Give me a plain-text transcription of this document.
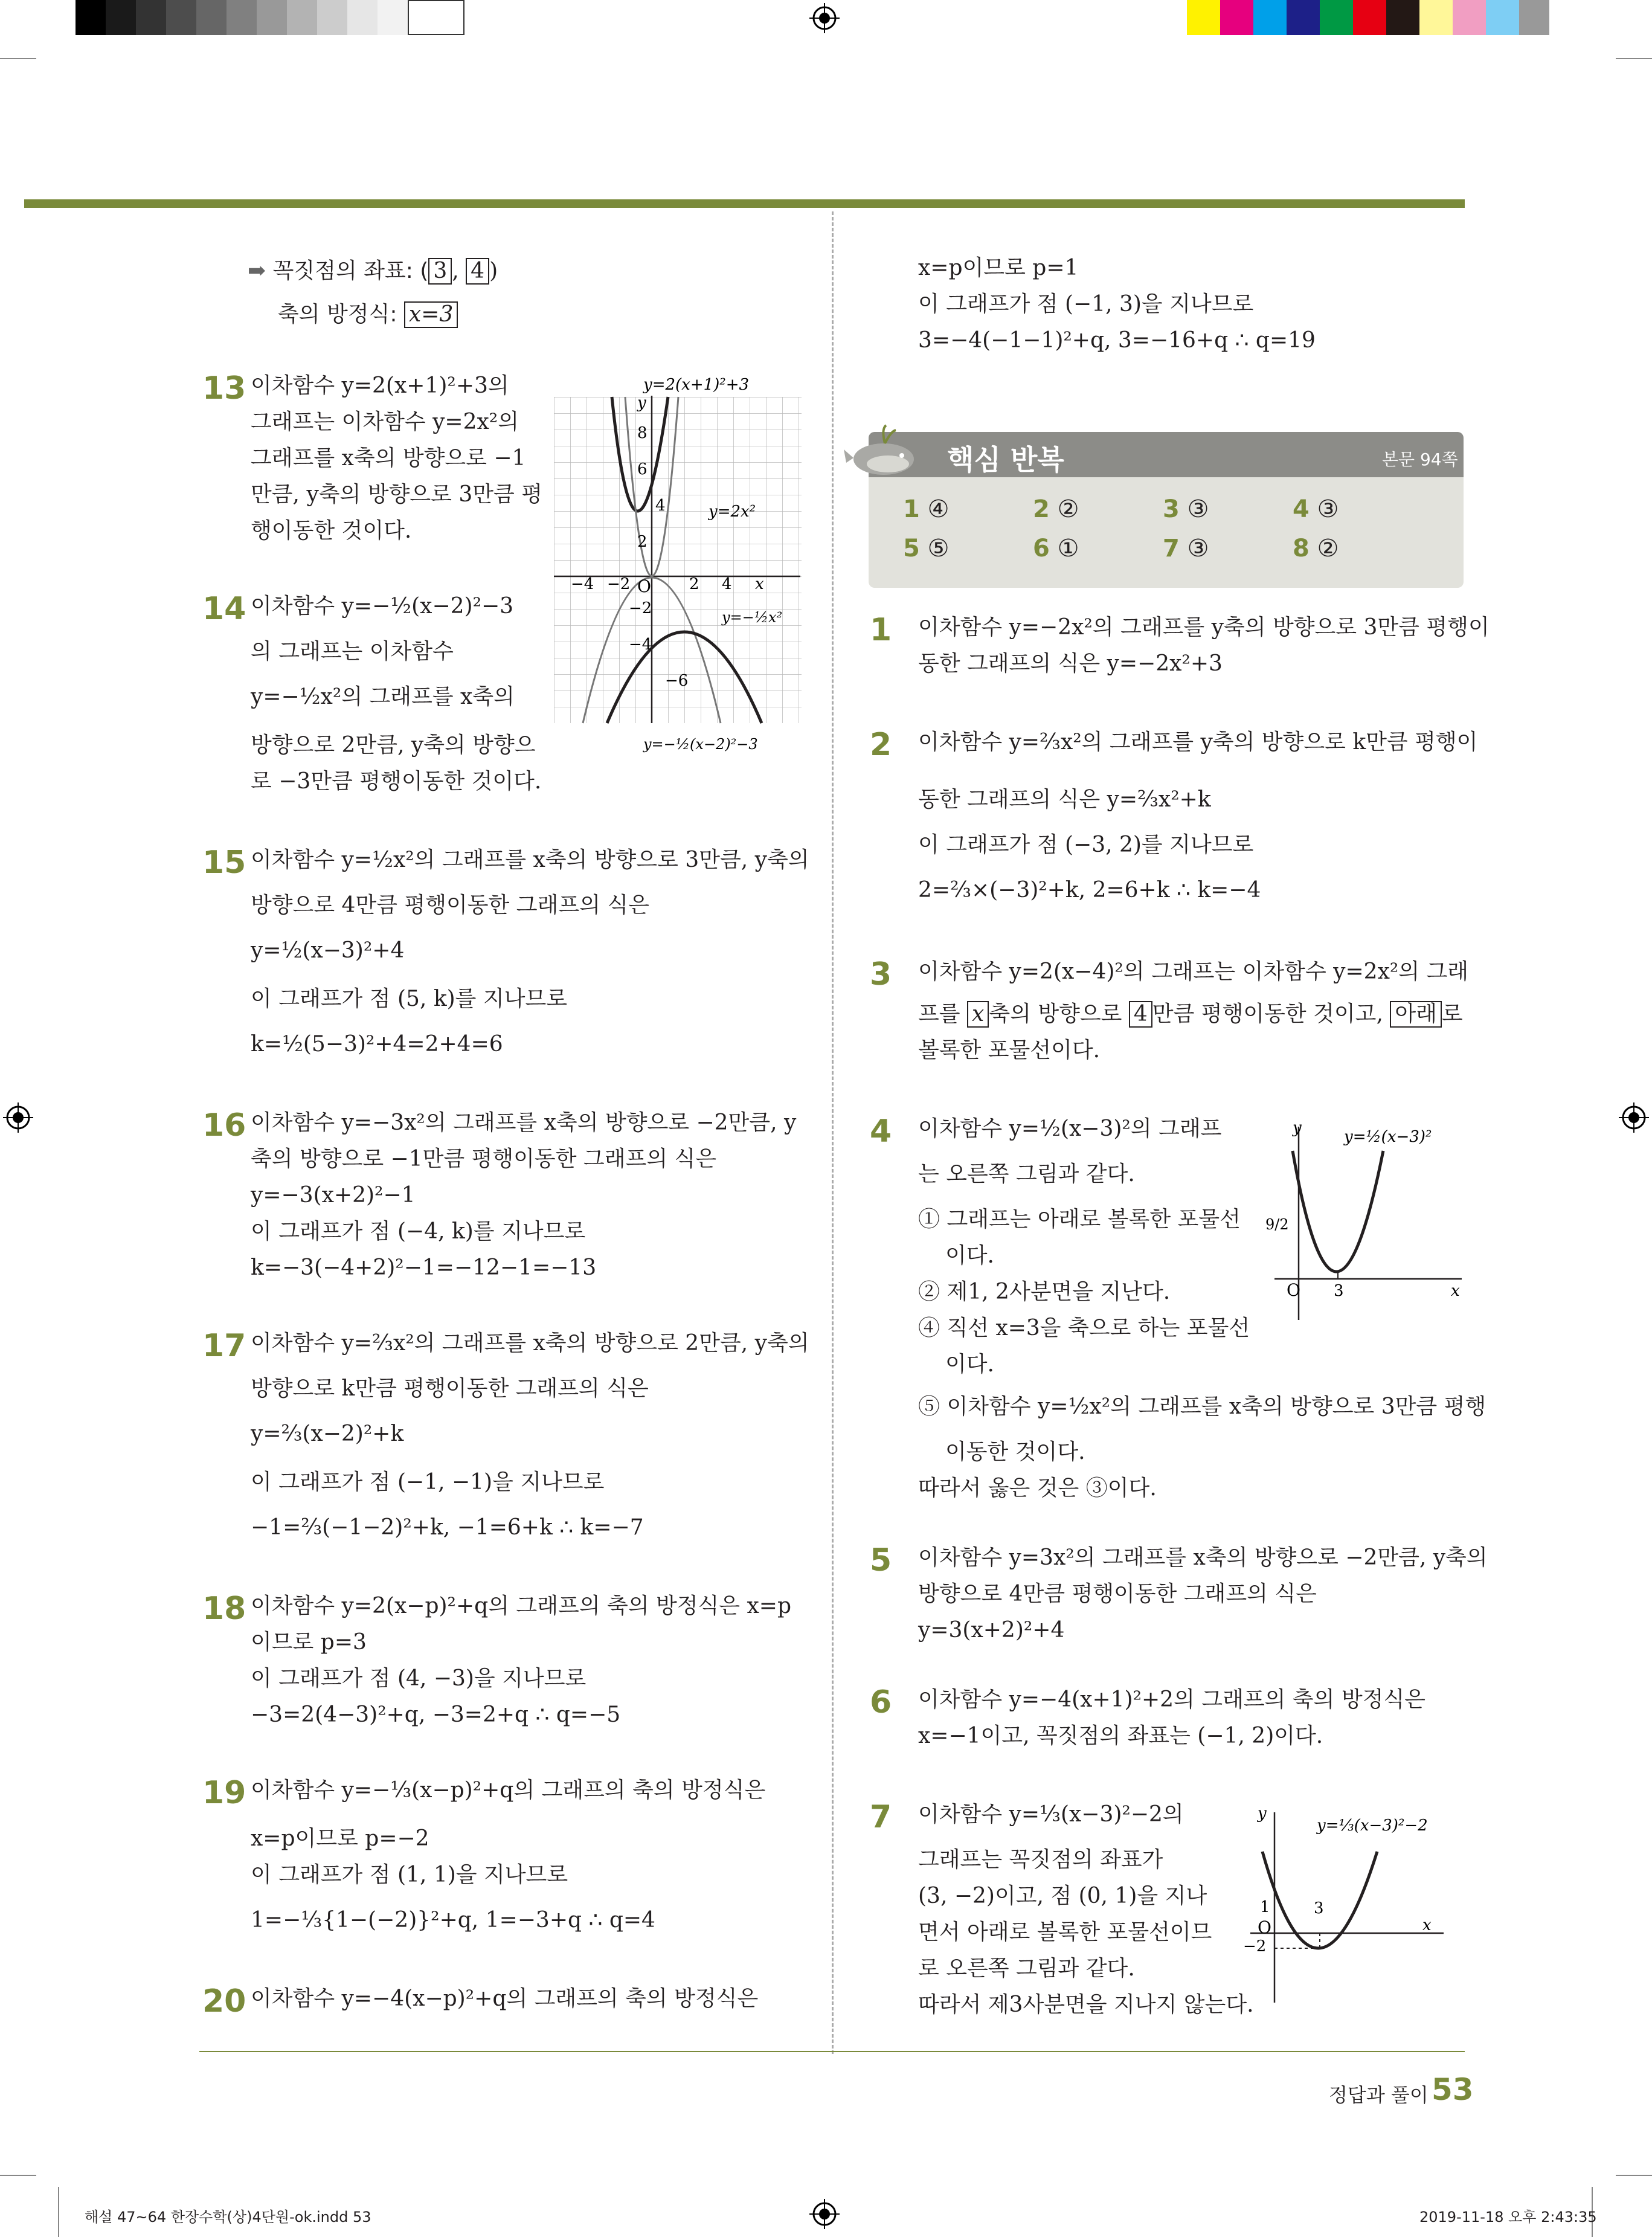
➡ 꼭짓점의 좌표: ( 3 , 4 )
축의 방정식: x=3
13 이차함수 y=2(x+1)²+3의
그래프는 이차함수 y=2x²의
그래프를 x축의 방향으로 −1
만큼, y축의 방향으로 3만큼 평
행이동한 것이다.
y=2(x+1)²+3
y=2x²
y=−½x²
y=−½(x−2)²−3
y
8
6
4
2
−4 −2 O 2 4 x
−2
−4
−6
14 이차함수 y=−½(x−2)²−3
의 그래프는 이차함수
y=−½x²의 그래프를 x축의
방향으로 2만큼, y축의 방향으
로 −3만큼 평행이동한 것이다.
15 이차함수 y=½x²의 그래프를 x축의 방향으로 3만큼, y축의
방향으로 4만큼 평행이동한 그래프의 식은
y=½(x−3)²+4
이 그래프가 점 (5, k)를 지나므로
k=½(5−3)²+4=2+4=6
16 이차함수 y=−3x²의 그래프를 x축의 방향으로 −2만큼, y
축의 방향으로 −1만큼 평행이동한 그래프의 식은
y=−3(x+2)²−1
이 그래프가 점 (−4, k)를 지나므로
k=−3(−4+2)²−1=−12−1=−13
17 이차함수 y=⅔x²의 그래프를 x축의 방향으로 2만큼, y축의
방향으로 k만큼 평행이동한 그래프의 식은
y=⅔(x−2)²+k
이 그래프가 점 (−1, −1)을 지나므로
−1=⅔(−1−2)²+k, −1=6+k ∴ k=−7
18 이차함수 y=2(x−p)²+q의 그래프의 축의 방정식은 x=p
이므로 p=3
이 그래프가 점 (4, −3)을 지나므로
−3=2(4−3)²+q, −3=2+q ∴ q=−5
19 이차함수 y=−⅓(x−p)²+q의 그래프의 축의 방정식은
x=p이므로 p=−2
이 그래프가 점 (1, 1)을 지나므로
1=−⅓{1−(−2)}²+q, 1=−3+q ∴ q=4
20 이차함수 y=−4(x−p)²+q의 그래프의 축의 방정식은
x=p이므로 p=1
이 그래프가 점 (−1, 3)을 지나므로
3=−4(−1−1)²+q, 3=−16+q ∴ q=19
핵심 반복	본문 94쪽
1 ④	2 ②	3 ③	4 ③
5 ⑤	6 ①	7 ③	8 ②
1 이차함수 y=−2x²의 그래프를 y축의 방향으로 3만큼 평행이
동한 그래프의 식은 y=−2x²+3
2 이차함수 y=⅔x²의 그래프를 y축의 방향으로 k만큼 평행이
동한 그래프의 식은 y=⅔x²+k
이 그래프가 점 (−3, 2)를 지나므로
2=⅔×(−3)²+k, 2=6+k ∴ k=−4
3 이차함수 y=2(x−4)²의 그래프는 이차함수 y=2x²의 그래
프를 x 축의 방향으로 4 만큼 평행이동한 것이고, 아래 로
볼록한 포물선이다.
4 이차함수 y=½(x−3)²의 그래프
는 오른쪽 그림과 같다.
① 그래프는 아래로 볼록한 포물선
이다.
② 제1, 2사분면을 지난다.
④ 직선 x=3을 축으로 하는 포물선
이다.
⑤ 이차함수 y=½x²의 그래프를 x축의 방향으로 3만큼 평행
이동한 것이다.
따라서 옳은 것은 ③이다.
y
x
O 3
9/2
y=½(x−3)²
5 이차함수 y=3x²의 그래프를 x축의 방향으로 −2만큼, y축의
방향으로 4만큼 평행이동한 그래프의 식은
y=3(x+2)²+4
6 이차함수 y=−4(x+1)²+2의 그래프의 축의 방정식은
x=−1이고, 꼭짓점의 좌표는 (−1, 2)이다.
7 이차함수 y=⅓(x−3)²−2의
그래프는 꼭짓점의 좌표가
(3, −2)이고, 점 (0, 1)을 지나
면서 아래로 볼록한 포물선이므
로 오른쪽 그림과 같다.
따라서 제3사분면을 지나지 않는다.
y
x
O
1
−2
3
y=⅓(x−3)²−2
정답과 풀이 53
해설 47~64 한장수학(상)4단원-ok.indd 53	2019-11-18 오후 2:43:35
